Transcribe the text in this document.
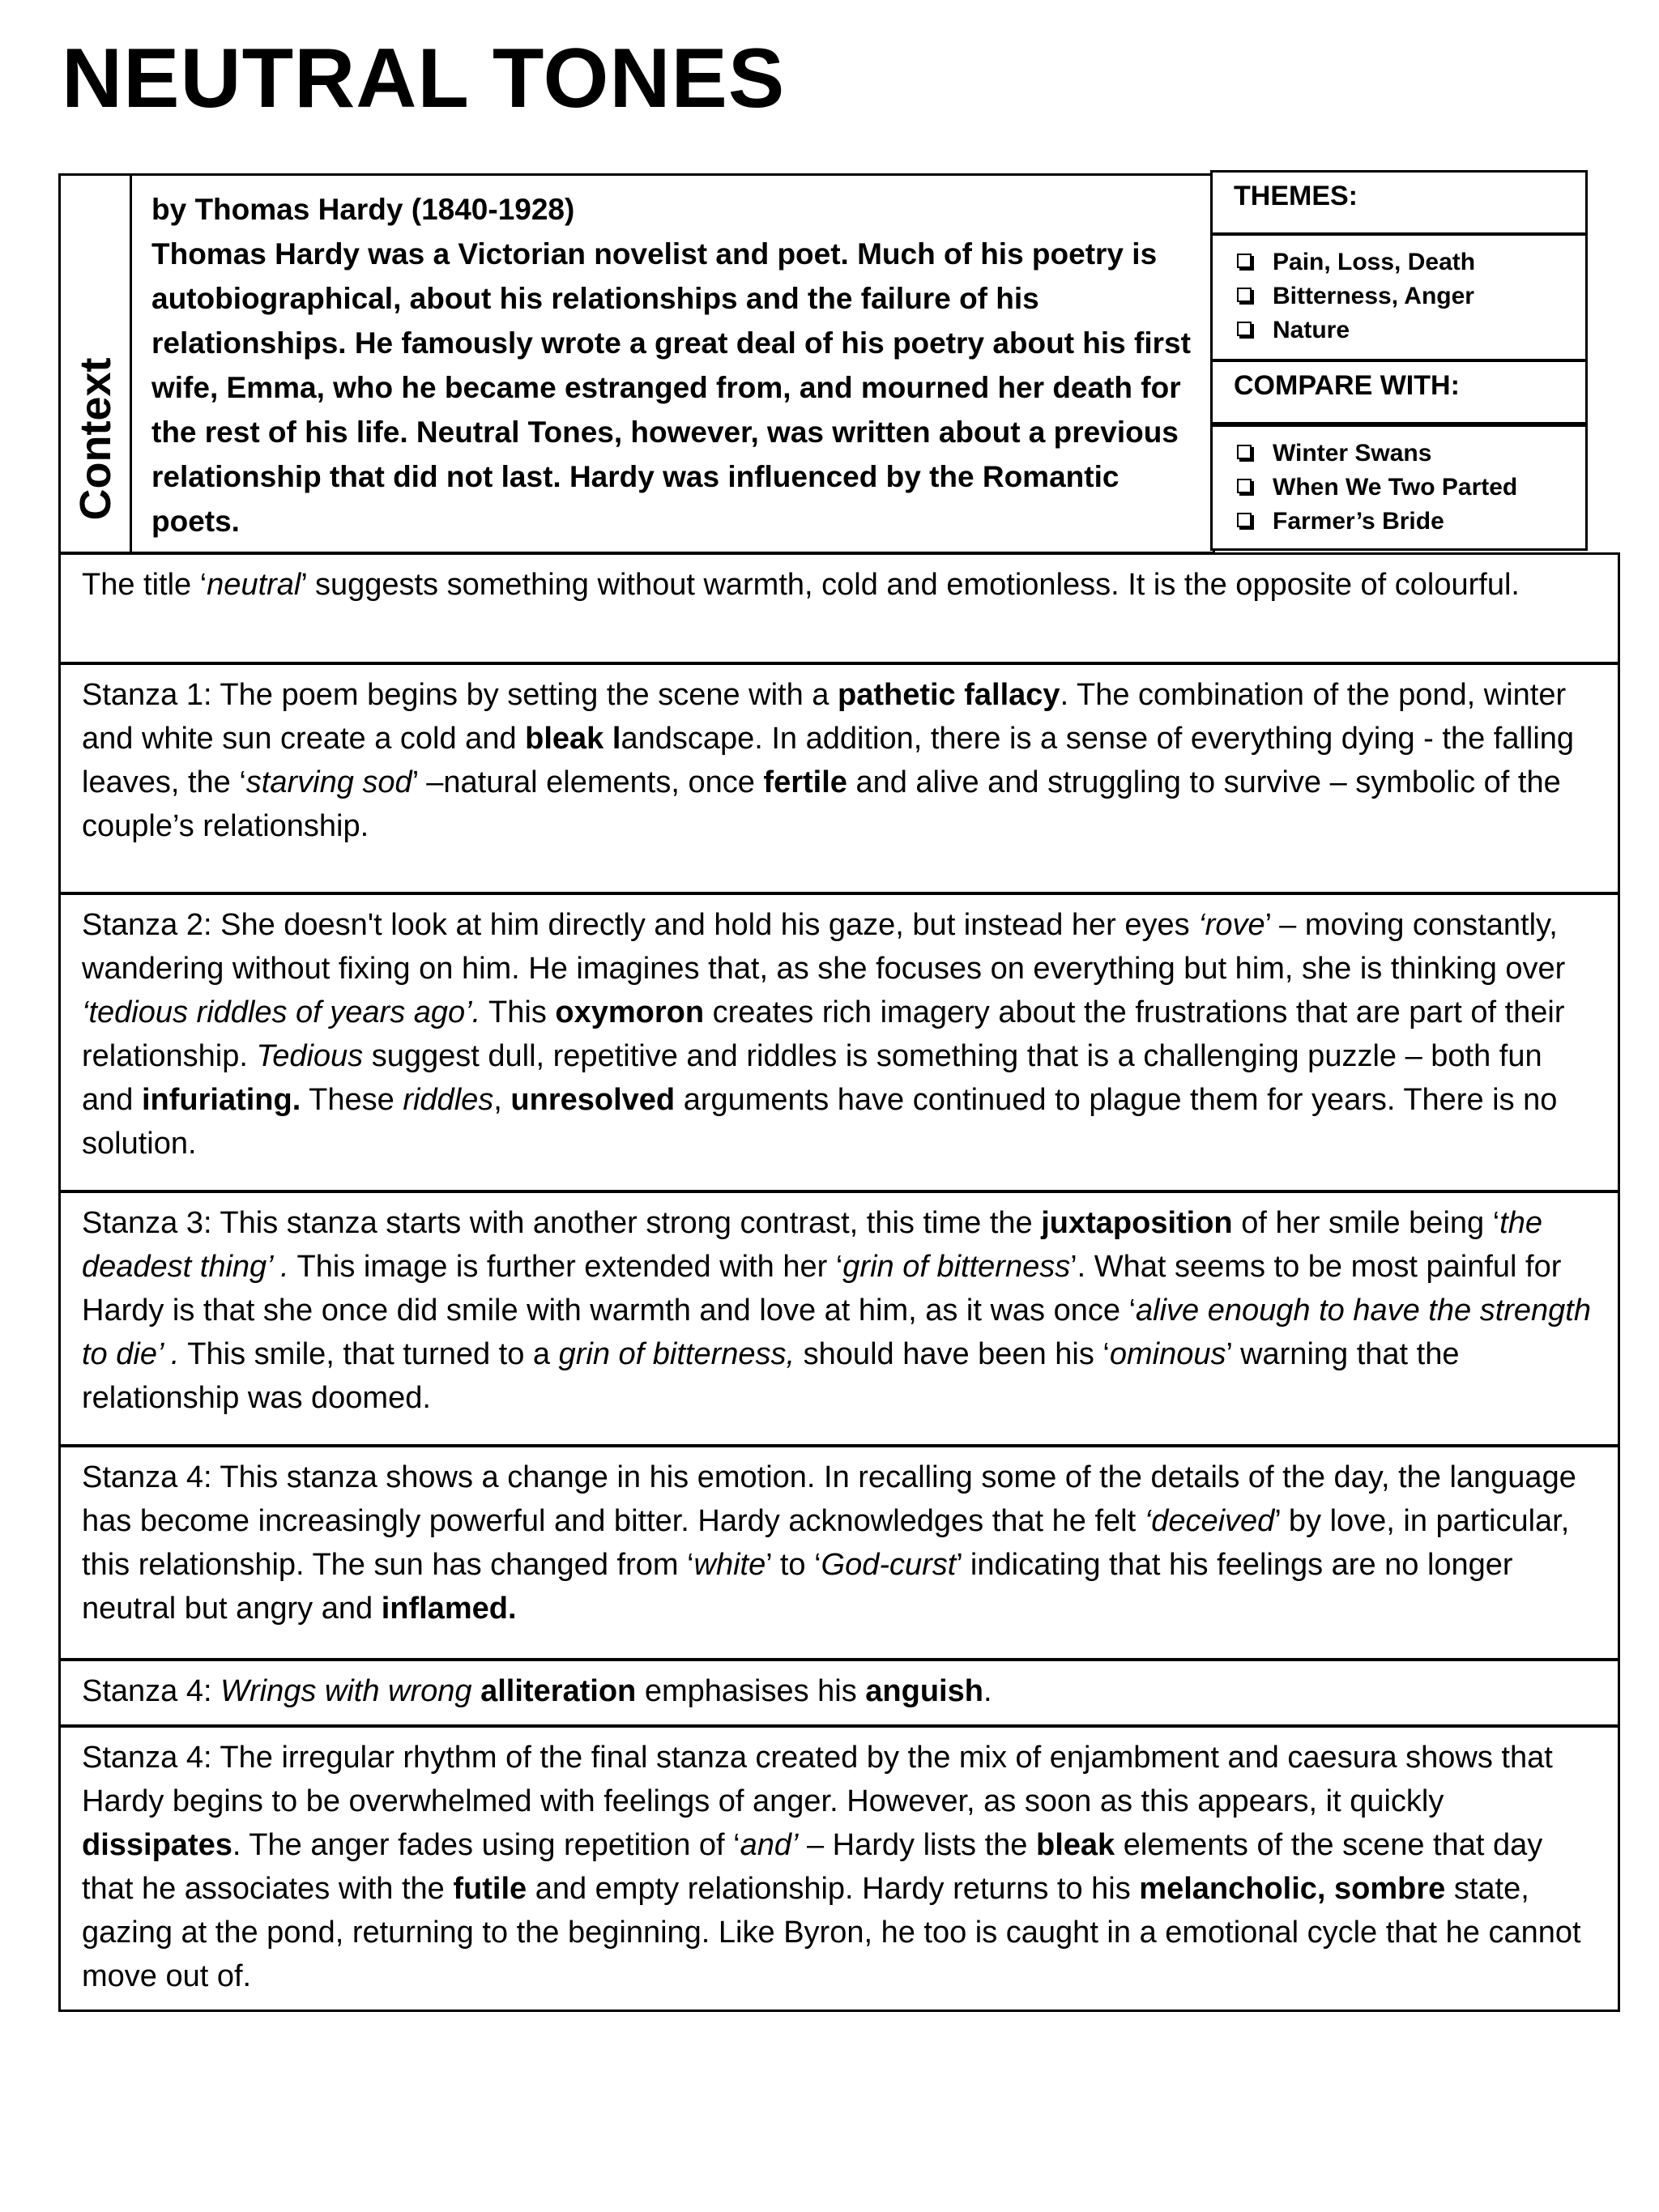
NEUTRAL TONES
Context
by Thomas Hardy (1840-1928)
Thomas Hardy was a Victorian novelist and poet. Much of his poetry is autobiographical, about his relationships and the failure of his relationships. He famously wrote a great deal of his poetry about his first wife, Emma, who he became estranged from, and mourned her death for the rest of his life. Neutral Tones, however, was written about a previous relationship that did not last. Hardy was influenced by the Romantic poets.
THEMES:
Pain, Loss, Death
Bitterness, Anger
Nature
COMPARE WITH:
Winter Swans
When We Two Parted
Farmer’s Bride

The title ‘neutral’ suggests something without warmth, cold and emotionless. It is the opposite of colourful.

Stanza 1: The poem begins by setting the scene with a pathetic fallacy. The combination of the pond, winter and white sun create a cold and bleak landscape. In addition, there is a sense of everything dying - the falling leaves, the ‘starving sod’ –natural elements, once fertile and alive and struggling to survive – symbolic of the couple’s relationship.

Stanza 2: She doesn't look at him directly and hold his gaze, but instead her eyes ‘rove’ – moving constantly, wandering without fixing on him. He imagines that, as she focuses on everything but him, she is thinking over ‘tedious riddles of years ago’. This oxymoron creates rich imagery about the frustrations that are part of their relationship. Tedious suggest dull, repetitive and riddles is something that is a challenging puzzle – both fun and infuriating. These riddles, unresolved arguments have continued to plague them for years. There is no solution.

Stanza 3: This stanza starts with another strong contrast, this time the juxtaposition of her smile being ‘the deadest thing’ . This image is further extended with her ‘grin of bitterness’. What seems to be most painful for Hardy is that she once did smile with warmth and love at him, as it was once ‘alive enough to have the strength to die’ . This smile, that turned to a grin of bitterness, should have been his ‘ominous’ warning that the relationship was doomed.

Stanza 4: This stanza shows a change in his emotion. In recalling some of the details of the day, the language has become increasingly powerful and bitter. Hardy acknowledges that he felt ‘deceived’ by love, in particular, this relationship. The sun has changed from ‘white’ to ‘God-curst’ indicating that his feelings are no longer neutral but angry and inflamed.

Stanza 4: Wrings with wrong alliteration emphasises his anguish.

Stanza 4: The irregular rhythm of the final stanza created by the mix of enjambment and caesura shows that Hardy begins to be overwhelmed with feelings of anger. However, as soon as this appears, it quickly dissipates. The anger fades using repetition of ‘and’ – Hardy lists the bleak elements of the scene that day that he associates with the futile and empty relationship. Hardy returns to his melancholic, sombre state, gazing at the pond, returning to the beginning. Like Byron, he too is caught in a emotional cycle that he cannot move out of.
